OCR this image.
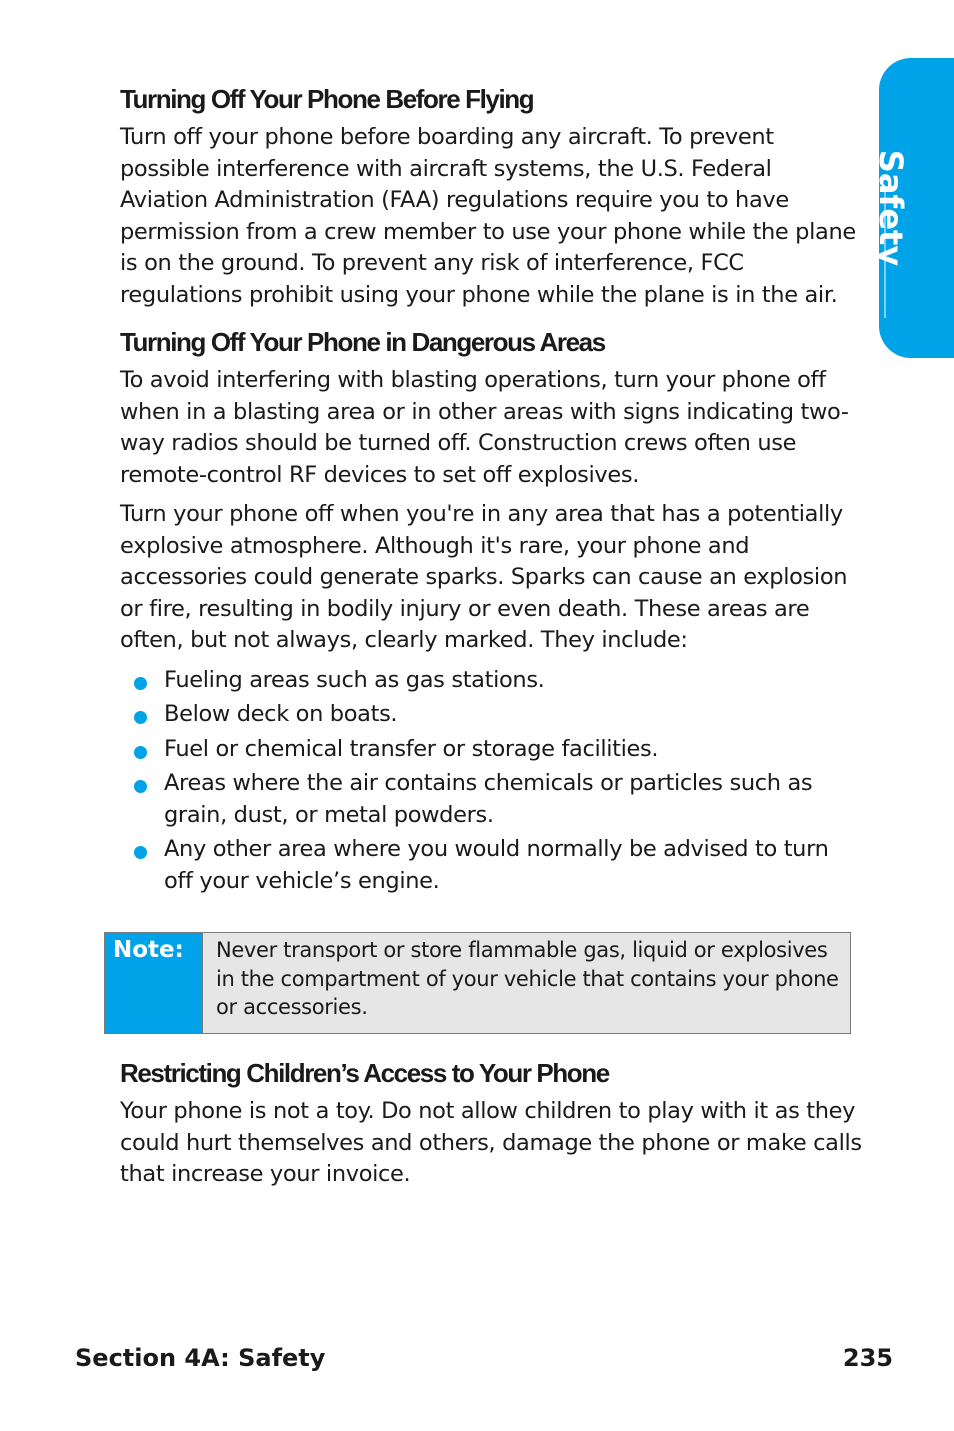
Safety
Turning Off Your Phone Before Flying

Turn off your phone before boarding any aircraft. To prevent possible interference with aircraft systems, the U.S. Federal Aviation Administration (FAA) regulations require you to have permission from a crew member to use your phone while the plane is on the ground. To prevent any risk of interference, FCC regulations prohibit using your phone while the plane is in the air.

Turning Off Your Phone in Dangerous Areas

To avoid interfering with blasting operations, turn your phone off when in a blasting area or in other areas with signs indicating two-way radios should be turned off. Construction crews often use remote-control RF devices to set off explosives.

Turn your phone off when you're in any area that has a potentially explosive atmosphere. Although it's rare, your phone and accessories could generate sparks. Sparks can cause an explosion or fire, resulting in bodily injury or even death. These areas are often, but not always, clearly marked. They include:

Fueling areas such as gas stations.
Below deck on boats.
Fuel or chemical transfer or storage facilities.
Areas where the air contains chemicals or particles such as grain, dust, or metal powders.
Any other area where you would normally be advised to turn off your vehicle’s engine.
Note:	Never transport or store flammable gas, liquid or explosives in the compartment of your vehicle that contains your phone or accessories.
Restricting Children’s Access to Your Phone

Your phone is not a toy. Do not allow children to play with it as they could hurt themselves and others, damage the phone or make calls that increase your invoice.

Section 4A: Safety	235
